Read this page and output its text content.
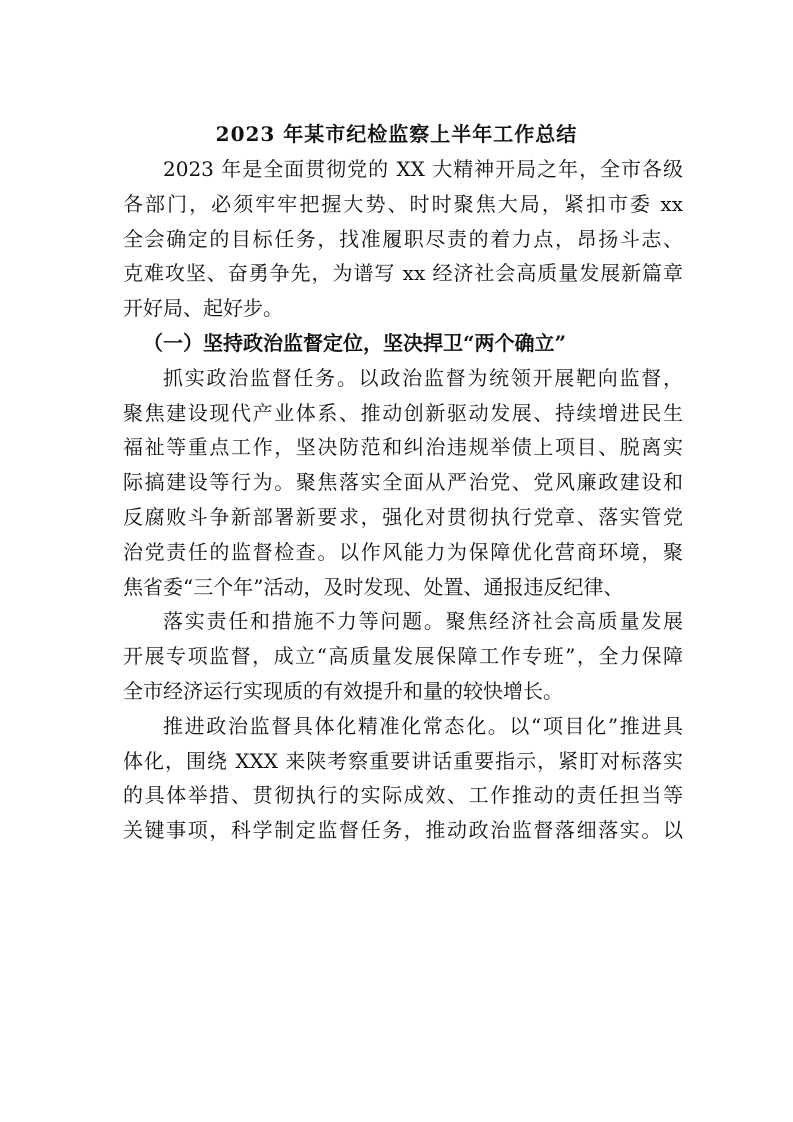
2023 年某市纪检监察上半年工作总结

2023 年是全面贯彻党的 XX 大精神开局之年，全市各级
各部门，必须牢牢把握大势、时时聚焦大局，紧扣市委 xx
全会确定的目标任务，找准履职尽责的着力点，昂扬斗志、
克难攻坚、奋勇争先，为谱写 xx 经济社会高质量发展新篇章
开好局、起好步。

（一）坚持政治监督定位，坚决捍卫“两个确立”

抓实政治监督任务。以政治监督为统领开展靶向监督，
聚焦建设现代产业体系、推动创新驱动发展、持续增进民生
福祉等重点工作，坚决防范和纠治违规举债上项目、脱离实
际搞建设等行为。聚焦落实全面从严治党、党风廉政建设和
反腐败斗争新部署新要求，强化对贯彻执行党章、落实管党
治党责任的监督检查。以作风能力为保障优化营商环境，聚
焦省委“三个年”活动，及时发现、处置、通报违反纪律、

落实责任和措施不力等问题。聚焦经济社会高质量发展
开展专项监督，成立“高质量发展保障工作专班”，全力保障
全市经济运行实现质的有效提升和量的较快增长。

推进政治监督具体化精准化常态化。以“项目化”推进具
体化，围绕 XXX 来陕考察重要讲话重要指示，紧盯对标落实
的具体举措、贯彻执行的实际成效、工作推动的责任担当等
关键事项，科学制定监督任务，推动政治监督落细落实。以
